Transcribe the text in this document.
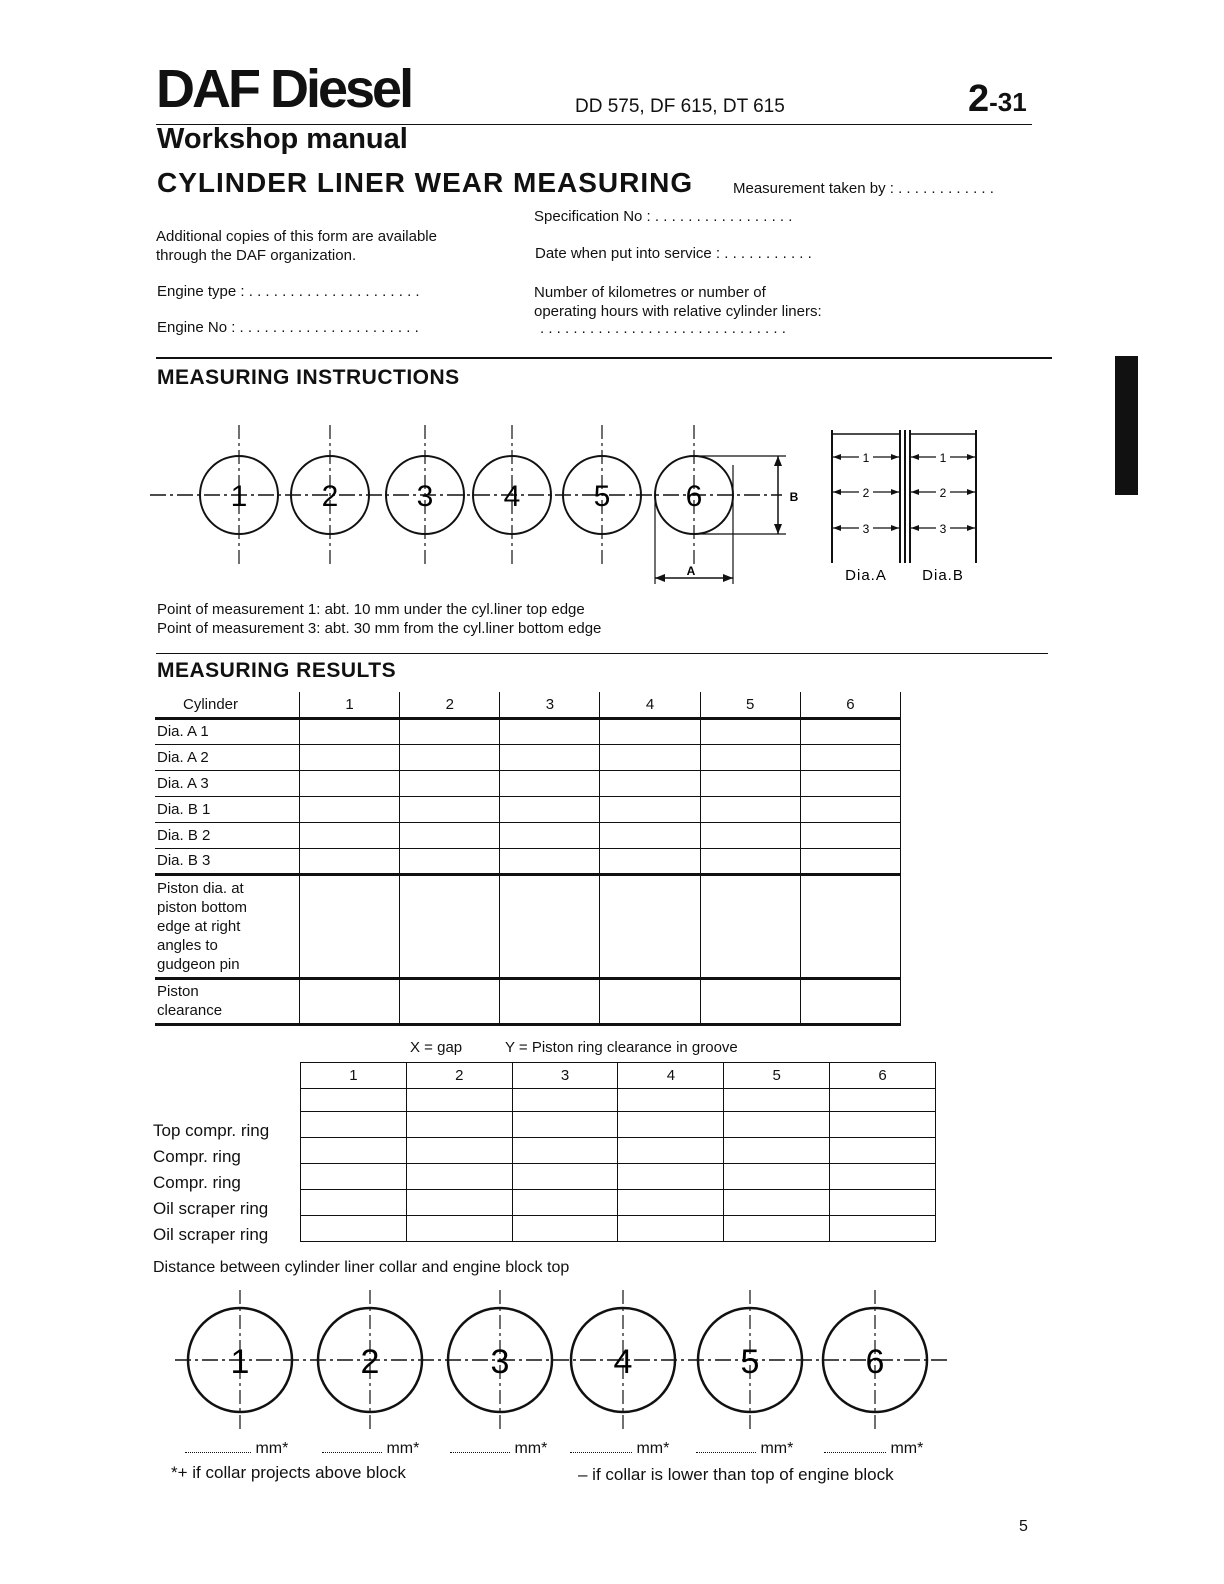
DAF Diesel	DD 575, DF 615, DT 615	2-31
Workshop manual
CYLINDER LINER WEAR MEASURING	Measurement taken by : . . . . . . . . . . . .
Specification No : . . . . . . . . . . . . . . . . .
Additional copies of this form are available
through the DAF organization.	Date when put into service : . . . . . . . . . . .
Engine type : . . . . . . . . . . . . . . . . . . . . .	Number of kilometres or number of
operating hours with relative cylinder liners:
Engine No : . . . . . . . . . . . . . . . . . . . . . .	. . . . . . . . . . . . . . . . . . . . . . . . . . . . . .
MEASURING INSTRUCTIONS
1 2	3 4 5	6
A
B
1
2
3
Dia.A
1
2
3
Dia.B
Point of measurement 1: abt. 10 mm under the cyl.liner top edge
Point of measurement 3: abt. 30 mm from the cyl.liner bottom edge
MEASURING RESULTS
Cylinder	1	2	3	4	5	6
Dia. A 1						
Dia. A 2						
Dia. A 3						
Dia. B 1						
Dia. B 2						
Dia. B 3						

Piston dia. at
piston bottom
edge at right
angles to
gudgeon pin						

Piston
clearance						

X = gap	Y = Piston ring clearance in groove
1	2	3	4	5	6

Top compr. ring
Compr. ring
Compr. ring
Oil scraper ring
Oil scraper ring
Distance between cylinder liner collar and engine block top
1	2	3	4	5	6
mm*	mm*	mm*	mm*	mm*	mm*
*+ if collar projects above block	– if collar is lower than top of engine block
5
